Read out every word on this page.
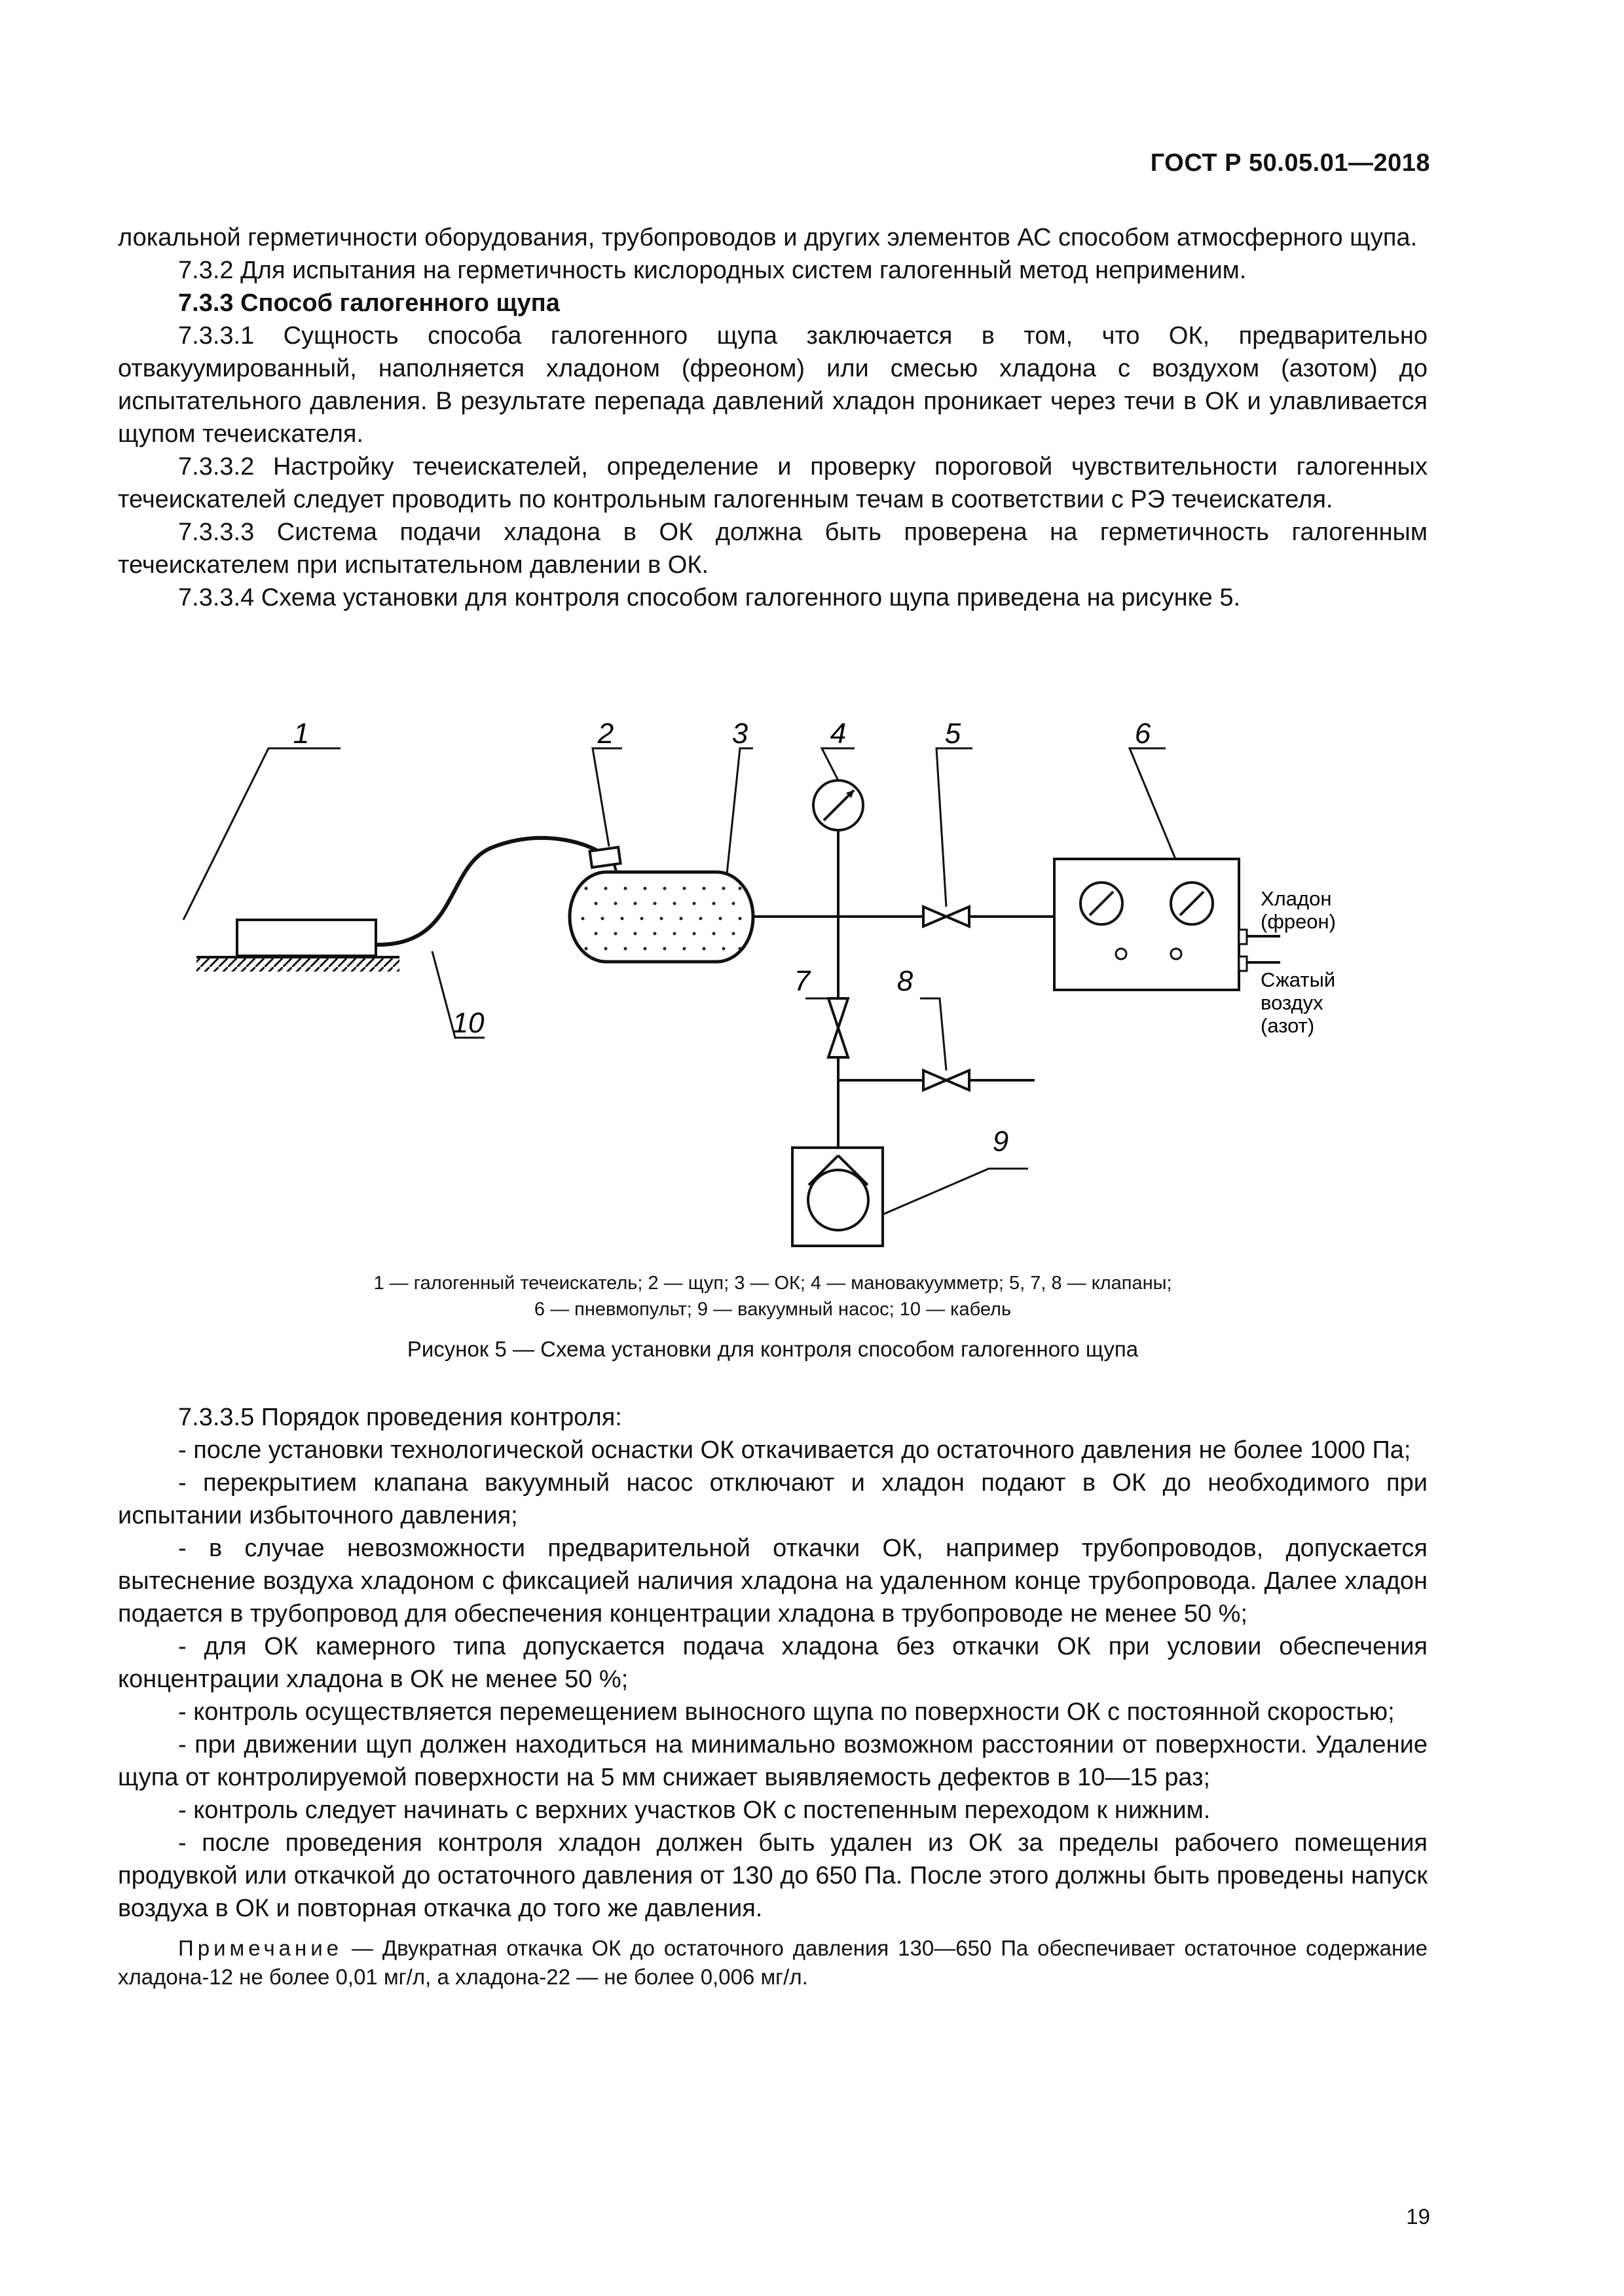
ГОСТ Р 50.05.01—2018

локальной герметичности оборудования, трубопроводов и других элементов АС способом атмосферного щупа.

7.3.2 Для испытания на герметичность кислородных систем галогенный метод неприменим.

7.3.3 Способ галогенного щупа

7.3.3.1 Сущность способа галогенного щупа заключается в том, что ОК, предварительно отвакуумированный, наполняется хладоном (фреоном) или смесью хладона с воздухом (азотом) до испытательного давления. В результате перепада давлений хладон проникает через течи в ОК и улавливается щупом течеискателя.

7.3.3.2 Настройку течеискателей, определение и проверку пороговой чувствительности галогенных течеискателей следует проводить по контрольным галогенным течам в соответствии с РЭ течеискателя.

7.3.3.3 Система подачи хладона в ОК должна быть проверена на герметичность галогенным течеискателем при испытательном давлении в ОК.

7.3.3.4 Схема установки для контроля способом галогенного щупа приведена на рисунке 5.

1	2	3	4	5	6
7	8
9
10
Хладон
(фреон)
Сжатый
воздух
(азот)
1 — галогенный течеискатель; 2 — щуп; 3 — ОК; 4 — мановакуумметр; 5, 7, 8 — клапаны;
6 — пневмопульт; 9 — вакуумный насос; 10 — кабель
Рисунок 5 — Схема установки для контроля способом галогенного щупа

7.3.3.5 Порядок проведения контроля:

- после установки технологической оснастки ОК откачивается до остаточного давления не более 1000 Па;

- перекрытием клапана вакуумный насос отключают и хладон подают в ОК до необходимого при испытании избыточного давления;

- в случае невозможности предварительной откачки ОК, например трубопроводов, допускается вытеснение воздуха хладоном с фиксацией наличия хладона на удаленном конце трубопровода. Далее хладон подается в трубопровод для обеспечения концентрации хладона в трубопроводе не менее 50 %;

- для ОК камерного типа допускается подача хладона без откачки ОК при условии обеспечения концентрации хладона в ОК не менее 50 %;

- контроль осуществляется перемещением выносного щупа по поверхности ОК с постоянной скоростью;

- при движении щуп должен находиться на минимально возможном расстоянии от поверхности. Удаление щупа от контролируемой поверхности на 5 мм снижает выявляемость дефектов в 10—15 раз;

- контроль следует начинать с верхних участков ОК с постепенным переходом к нижним.

- после проведения контроля хладон должен быть удален из ОК за пределы рабочего помещения продувкой или откачкой до остаточного давления от 130 до 650 Па. После этого должны быть проведены напуск воздуха в ОК и повторная откачка до того же давления.

Примечание — Двукратная откачка ОК до остаточного давления 130—650 Па обеспечивает остаточное содержание хладона-12 не более 0,01 мг/л, а хладона-22 — не более 0,006 мг/л.
19
